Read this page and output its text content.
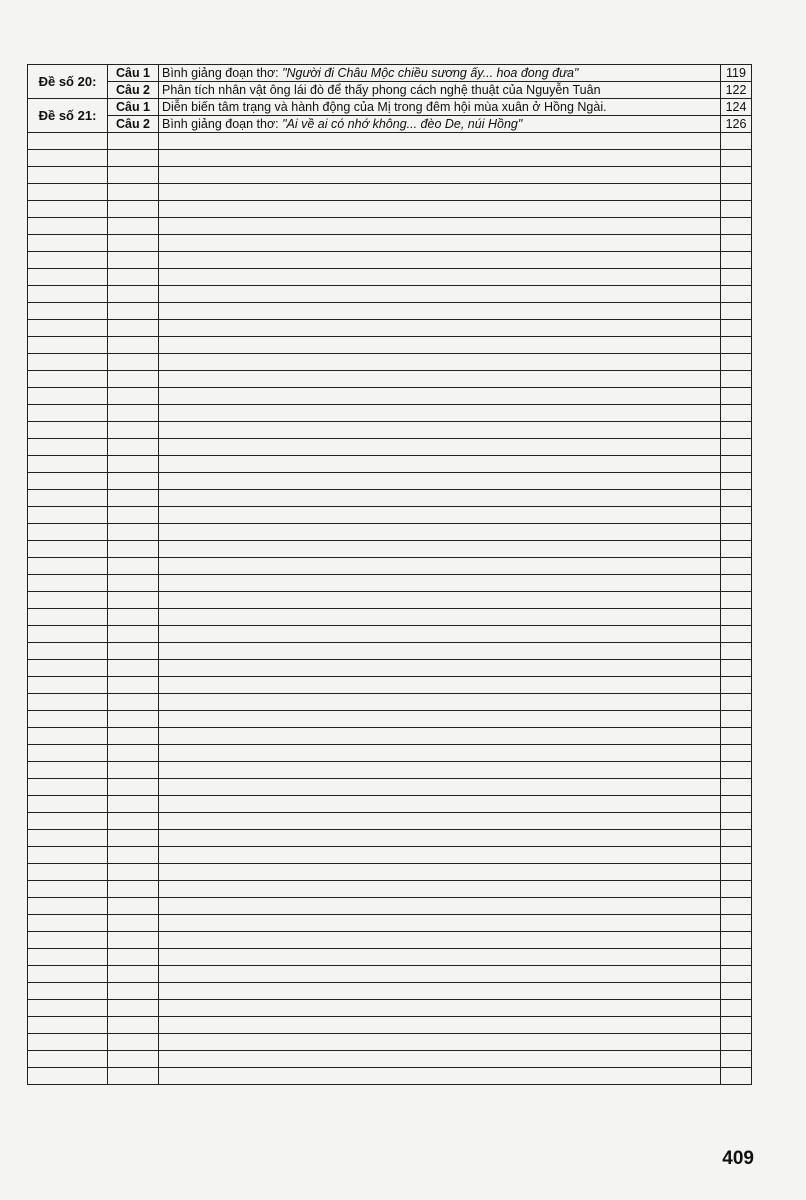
Đề số 20:	Câu 1	Bình giảng đoạn thơ: "Người đi Châu Mộc chiều sương ấy... hoa đong đưa"	119
	Câu 2	Phân tích nhân vật ông lái đò để thấy phong cách nghệ thuật của Nguyễn Tuân	122
Đề số 21:	Câu 1	Diễn biến tâm trạng và hành động của Mị trong đêm hội mùa xuân ở Hồng Ngài.	124
	Câu 2	Bình giảng đoạn thơ: "Ai về ai có nhớ không... đèo De, núi Hồng"	126

409
